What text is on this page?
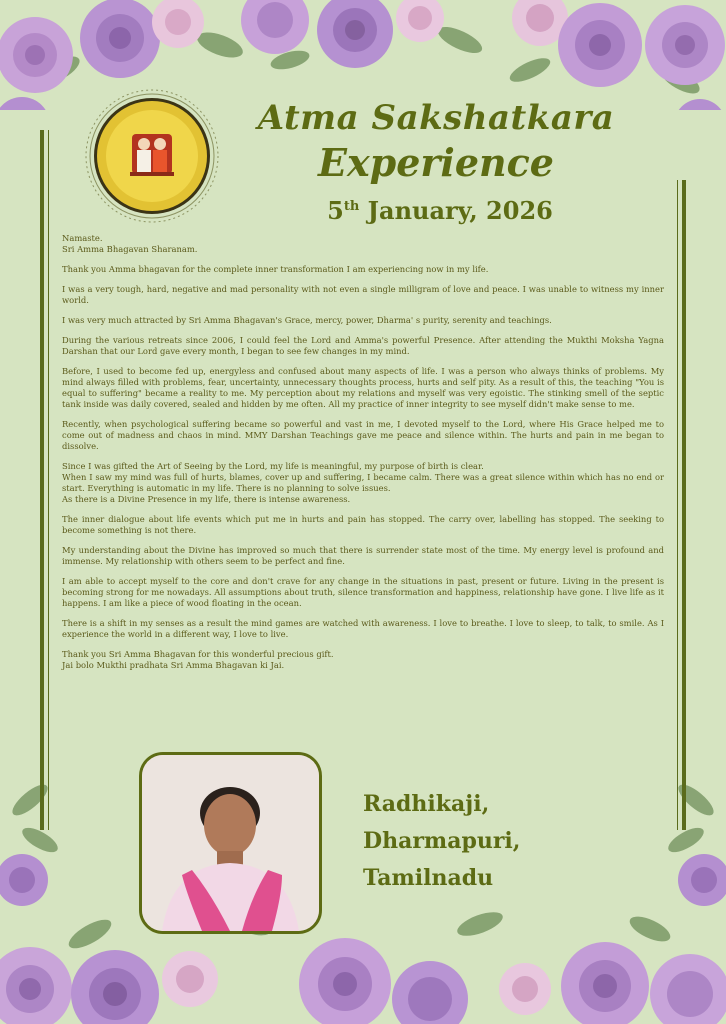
Atma Sakshatkara
Experience
5th January, 2026

Namaste.
Sri Amma Bhagavan Sharanam.

Thank you Amma bhagavan for the complete inner transformation I am experiencing now in my life.

I was a very tough, hard, negative and mad personality with not even a single milligram of love and peace. I was unable to witness my inner world.

I was very much attracted by Sri Amma Bhagavan's Grace, mercy, power, Dharma' s purity, serenity and teachings.

During the various retreats since 2006, I could feel the Lord and Amma's powerful Presence. After attending the Mukthi Moksha Yagna Darshan that our Lord gave every month, I began to see few changes in my mind.

Before, I used to become fed up, energyless and confused about many aspects of life. I was a person who always thinks of problems. My mind always filled with problems, fear, uncertainty, unnecessary thoughts process, hurts and self pity. As a result of this, the teaching "You is equal to suffering" became a reality to me. My perception about my relations and myself was very egoistic. The stinking smell of the septic tank inside was daily covered, sealed and hidden by me often. All my practice of inner integrity to see myself didn't make sense to me.

Recently, when psychological suffering became so powerful and vast in me, I devoted myself to the Lord, where His Grace helped me to come out of madness and chaos in mind. MMY Darshan Teachings gave me peace and silence within. The hurts and pain in me began to dissolve.

Since I was gifted the Art of Seeing by the Lord, my life is meaningful, my purpose of birth is clear.
When I saw my mind was full of hurts, blames, cover up and suffering, I became calm. There was a great silence within which has no end or start. Everything is automatic in my life. There is no planning to solve issues.
As there is a Divine Presence in my life, there is intense awareness.

The inner dialogue about life events which put me in hurts and pain has stopped. The carry over, labelling has stopped. The seeking to become something is not there.

My understanding about the Divine has improved so much that there is surrender state most of the time. My energy level is profound and immense. My relationship with others seem to be perfect and fine.

I am able to accept myself to the core and don't crave for any change in the situations in past, present or future. Living in the present is becoming strong for me nowadays. All assumptions about truth, silence transformation and happiness, relationship have gone. I live life as it happens. I am like a piece of wood floating in the ocean.

There is a shift in my senses as a result the mind games are watched with awareness. I love to breathe. I love to sleep, to talk, to smile. As I experience the world in a different way, I love to live.

Thank you Sri Amma Bhagavan for this wonderful precious gift.
Jai bolo Mukthi pradhata Sri Amma Bhagavan ki Jai.

Radhikaji,
Dharmapuri,
Tamilnadu
